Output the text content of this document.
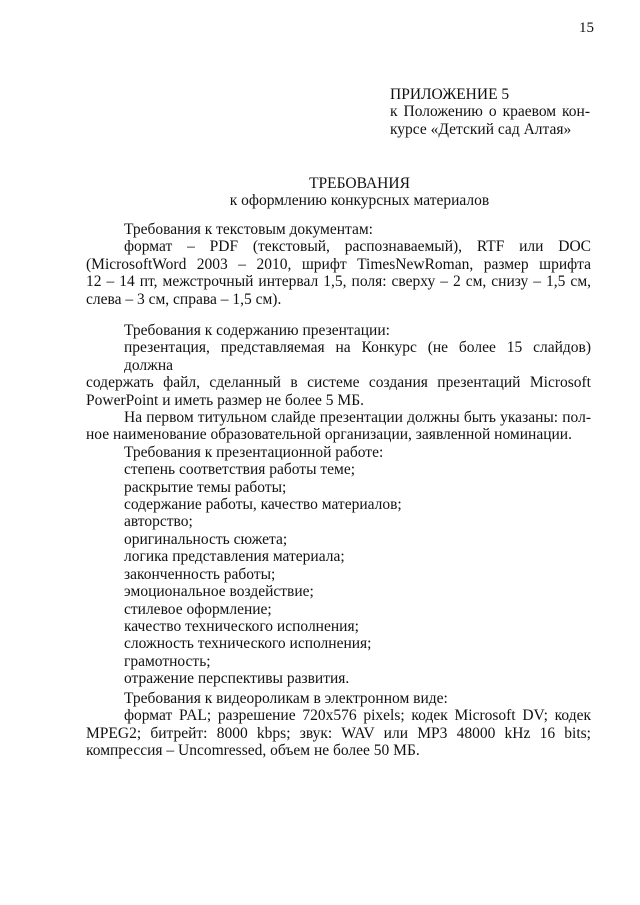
15
ПРИЛОЖЕНИЕ 5
к Положению о краевом кон-
курсе «Детский сад Алтая»
ТРЕБОВАНИЯ
к оформлению конкурсных материалов
Требования к текстовым документам:
формат – PDF (текстовый, распознаваемый), RTF или DOC
(MicrosoftWord 2003 – 2010, шрифт TimesNewRoman, размер шрифта
12 – 14 пт, межстрочный интервал 1,5, поля: сверху – 2 см, снизу – 1,5 см,
слева – 3 см, справа – 1,5 см).
Требования к содержанию презентации:
презентация, представляемая на Конкурс (не более 15 слайдов) должна
содержать файл, сделанный в системе создания презентаций Microsoft
PowerPoint и иметь размер не более 5 МБ.
На первом титульном слайде презентации должны быть указаны: пол-
ное наименование образовательной организации, заявленной номинации.
Требования к презентационной работе:
степень соответствия работы теме;
раскрытие темы работы;
содержание работы, качество материалов;
авторство;
оригинальность сюжета;
логика представления материала;
законченность работы;
эмоциональное воздействие;
стилевое оформление;
качество технического исполнения;
сложность технического исполнения;
грамотность;
отражение перспективы развития.
Требования к видеороликам в электронном виде:
формат PAL; разрешение 720х576 pixels; кодек Microsoft DV; кодек
MPEG2; битрейт: 8000 kbps; звук: WAV или MP3 48000 kHz 16 bits;
компрессия – Uncomressed, объем не более 50 МБ.
